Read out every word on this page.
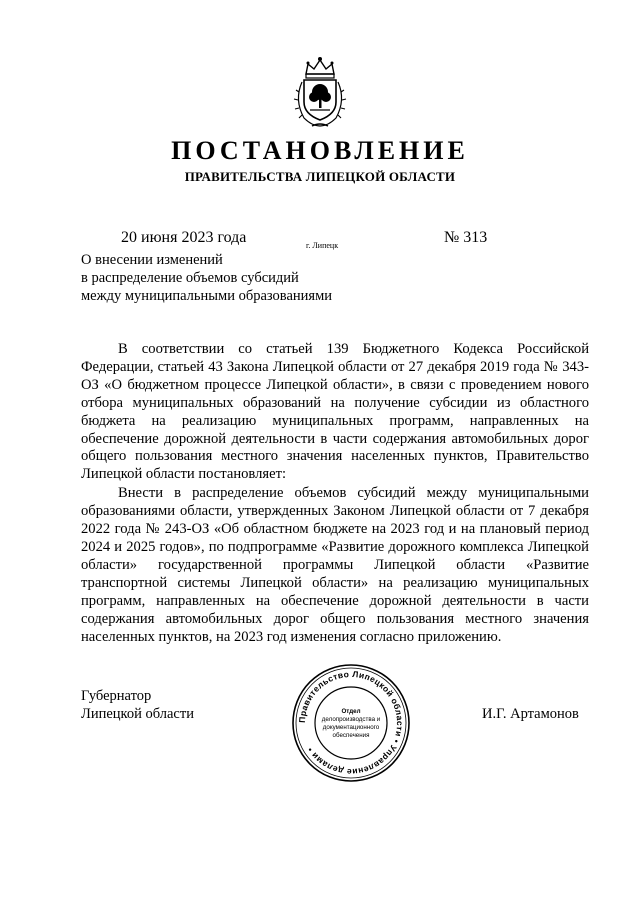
ПОСТАНОВЛЕНИЕ
ПРАВИТЕЛЬСТВА ЛИПЕЦКОЙ ОБЛАСТИ
20 июня 2023 года	г. Липецк	№ 313
О внесении изменений
в распределение объемов субсидий
между муниципальными образованиями

В соответствии со статьей 139 Бюджетного Кодекса Российской Федерации, статьей 43 Закона Липецкой области от 27 декабря 2019 года № 343-ОЗ «О бюджетном процессе Липецкой области», в связи с проведением нового отбора муниципальных образований на получение субсидии из областного бюджета на реализацию муниципальных программ, направленных на обеспечение дорожной деятельности в части содержания автомобильных дорог общего пользования местного значения населенных пунктов, Правительство Липецкой области постановляет:

Внести в распределение объемов субсидий между муниципальными образованиями области, утвержденных Законом Липецкой области от 7 декабря 2022 года № 243-ОЗ «Об областном бюджете на 2023 год и на плановый период 2024 и 2025 годов», по подпрограмме «Развитие дорожного комплекса Липецкой области» государственной программы Липецкой области «Развитие транспортной системы Липецкой области» на реализацию муниципальных программ, направленных на обеспечение дорожной деятельности в части содержания автомобильных дорог общего пользования местного значения населенных пунктов, на 2023 год изменения согласно приложению.

Губернатор
Липецкой области	Правительство Липецкой области • Управление делами •
Отдел
делопроизводства и
документационного
обеспечения
И.Г. Артамонов
